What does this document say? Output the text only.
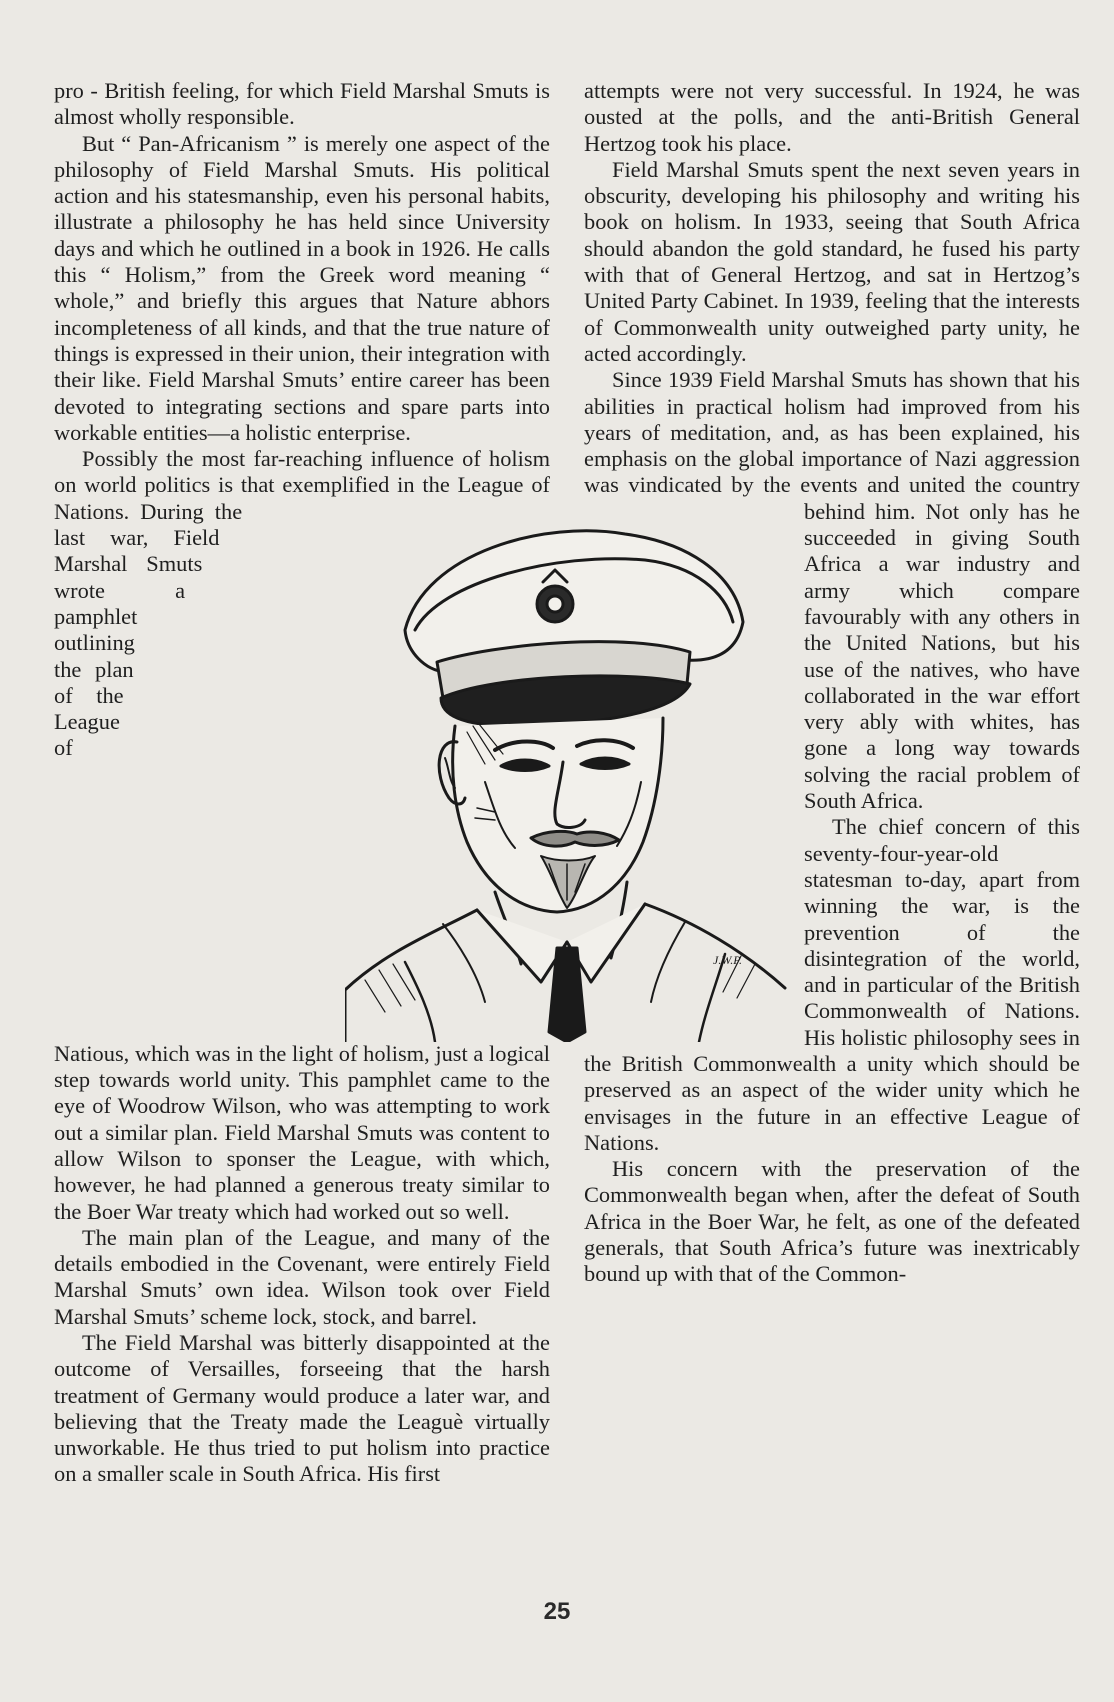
pro - British feeling, for which Field Marshal Smuts is almost wholly responsible.

But “ Pan-Africanism ” is merely one aspect of the philosophy of Field Marshal Smuts. His political action and his statesmanship, even his personal habits, illustrate a philosophy he has held since University days and which he outlined in a book in 1926. He calls this “ Holism,” from the Greek word meaning “ whole,” and briefly this argues that Nature abhors incompleteness of all kinds, and that the true nature of things is expressed in their union, their integration with their like. Field Marshal Smuts’ entire career has been devoted to integrating sections and spare parts into workable entities—a holistic enterprise.

Possibly the most far-reaching influence of holism on world politics is that exemplified in the League of Nations. During the last war, Field Marshal Smuts wrote a pamphlet outlining the plan of the League of Natious, which was in the light of holism, just a logical step towards world unity. This pamphlet came to the eye of Woodrow Wilson, who was attempting to work out a similar plan. Field Marshal Smuts was content to allow Wilson to sponser the League, with which, however, he had planned a generous treaty similar to the Boer War treaty which had worked out so well.

The main plan of the League, and many of the details embodied in the Covenant, were entirely Field Marshal Smuts’ own idea. Wilson took over Field Marshal Smuts’ scheme lock, stock, and barrel.

The Field Marshal was bitterly disappointed at the outcome of Versailles, forseeing that the harsh treatment of Germany would produce a later war, and believing that the Treaty made the Leaguè virtually unworkable. He thus tried to put holism into practice on a smaller scale in South Africa. His first

attempts were not very successful. In 1924, he was ousted at the polls, and the anti-British General Hertzog took his place.

Field Marshal Smuts spent the next seven years in obscurity, developing his philosophy and writing his book on holism. In 1933, seeing that South Africa should abandon the gold standard, he fused his party with that of General Hertzog, and sat in Hertzog’s United Party Cabinet. In 1939, feeling that the interests of Commonwealth unity outweighed party unity, he acted accordingly.

Since 1939 Field Marshal Smuts has shown that his abilities in practical holism had improved from his years of meditation, and, as has been explained, his emphasis on the global importance of Nazi aggression was vindicated by the events and united the country behind him. Not only has he succeeded in giving South Africa a war industry and army which compare favourably with any others in the United Nations, but his use of the natives, who have collaborated in the war effort very ably with whites, has gone a long way towards solving the racial problem of South Africa.

The chief concern of this seventy-four-year-old statesman to-day, apart from winning the war, is the prevention of the disintegration of the world, and in particular of the British Commonwealth of Nations. His holistic philosophy sees in the British Commonwealth a unity which should be preserved as an aspect of the wider unity which he envisages in the future in an effective League of Nations.

His concern with the preservation of the Commonwealth began when, after the defeat of South Africa in the Boer War, he felt, as one of the defeated generals, that South Africa’s future was inextricably bound up with that of the Common-

J.W.P.
25
